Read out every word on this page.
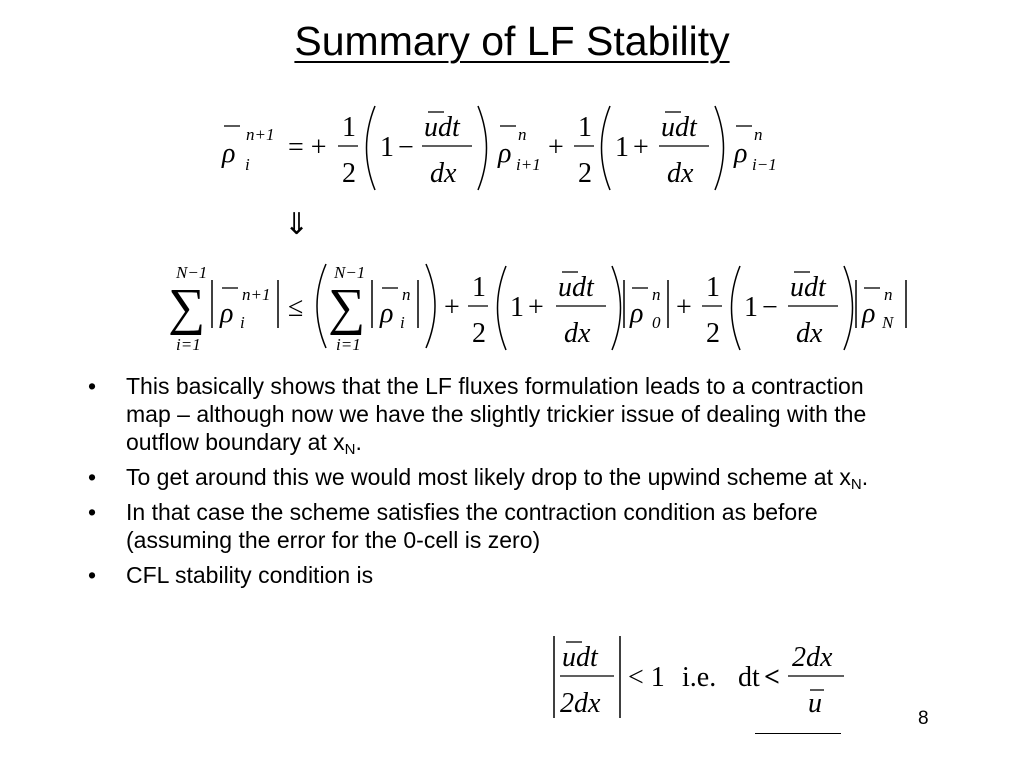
Summary of LF Stability
ρ
n+1
i
= +
1
2
1 −
udt
dx
ρ
n
i+1
+
1
2
1 +
udt
dx
ρ
n
i−1
⇓
N−1
∑
i=1
ρ
n+1
i ≤
N−1
∑
i=1
ρ
n
i +
1
2
1 +
udt
dx
ρ
n
0 +
1
2
1 −
udt
dx
ρ
n
N
• This basically shows that the LF fluxes formulation leads to a contraction map – although now we have the slightly trickier issue of dealing with the outflow boundary at $x_N$.
• To get around this we would most likely drop to the upwind scheme at $x_N$.
• In that case the scheme satisfies the contraction condition as before (assuming the error for the 0-cell is zero)
• CFL stability condition is
udt
2dx
< 1 i.e. dt <
2dx
u	8
